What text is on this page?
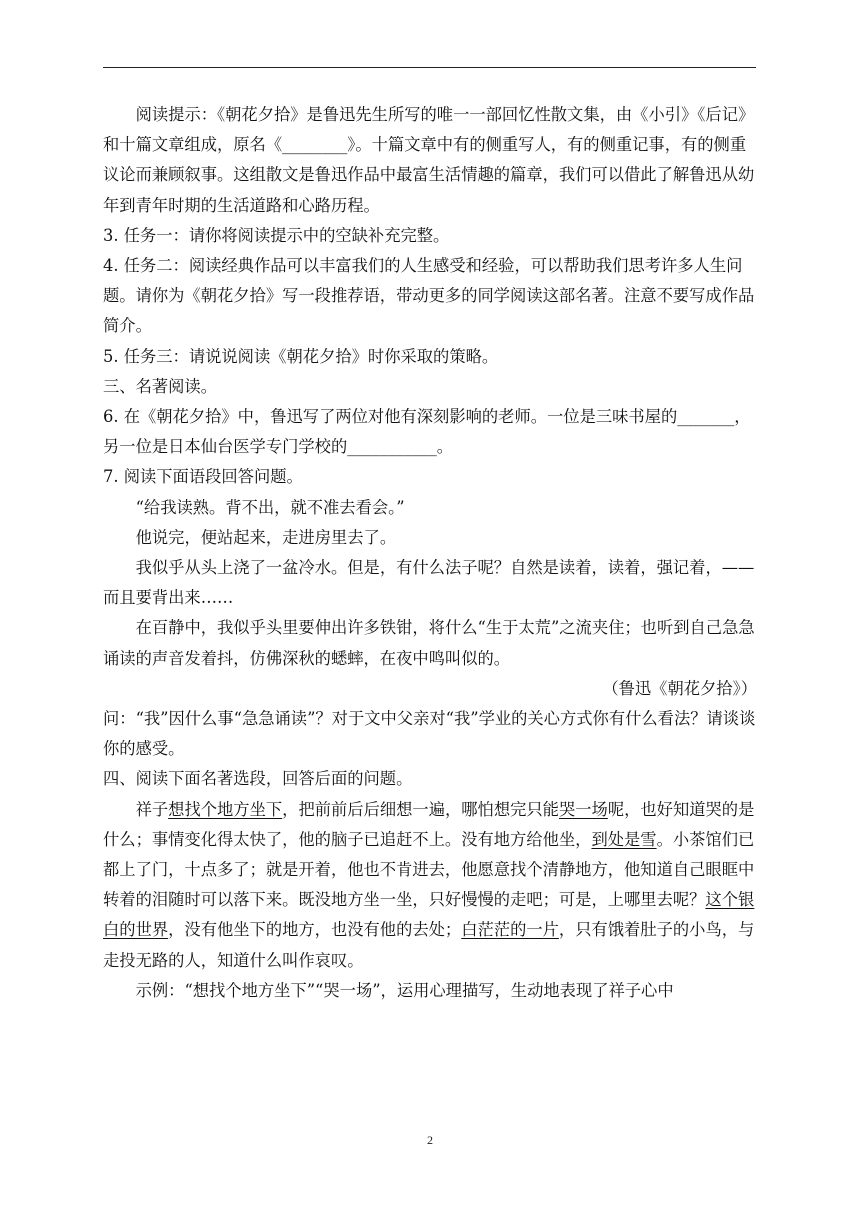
阅读提示：《朝花夕拾》是鲁迅先生所写的唯一一部回忆性散文集，由《小引》《后记》和十篇文章组成，原名《________》。十篇文章中有的侧重写人，有的侧重记事，有的侧重议论而兼顾叙事。这组散文是鲁迅作品中最富生活情趣的篇章，我们可以借此了解鲁迅从幼年到青年时期的生活道路和心路历程。

3. 任务一：请你将阅读提示中的空缺补充完整。

4. 任务二：阅读经典作品可以丰富我们的人生感受和经验，可以帮助我们思考许多人生问题。请你为《朝花夕拾》写一段推荐语，带动更多的同学阅读这部名著。注意不要写成作品简介。

5. 任务三：请说说阅读《朝花夕拾》时你采取的策略。

三、名著阅读。

6. 在《朝花夕拾》中，鲁迅写了两位对他有深刻影响的老师。一位是三味书屋的_______，另一位是日本仙台医学专门学校的___________。

7. 阅读下面语段回答问题。

“给我读熟。背不出，就不准去看会。”

他说完，便站起来，走进房里去了。

我似乎从头上浇了一盆冷水。但是，有什么法子呢？自然是读着，读着，强记着，——而且要背出来……

在百静中，我似乎头里要伸出许多铁钳，将什么“生于太荒”之流夹住；也听到自己急急诵读的声音发着抖，仿佛深秋的蟋蟀，在夜中鸣叫似的。

（鲁迅《朝花夕拾》）

问：“我”因什么事“急急诵读”？对于文中父亲对“我”学业的关心方式你有什么看法？请谈谈你的感受。

四、阅读下面名著选段，回答后面的问题。

祥子想找个地方坐下，把前前后后细想一遍，哪怕想完只能哭一场呢，也好知道哭的是什么；事情变化得太快了，他的脑子已追赶不上。没有地方给他坐，到处是雪。小茶馆们已都上了门，十点多了；就是开着，他也不肯进去，他愿意找个清静地方，他知道自己眼眶中转着的泪随时可以落下来。既没地方坐一坐，只好慢慢的走吧；可是，上哪里去呢？这个银白的世界，没有他坐下的地方，也没有他的去处；白茫茫的一片，只有饿着肚子的小鸟，与走投无路的人，知道什么叫作哀叹。

示例：“想找个地方坐下”“哭一场”，运用心理描写，生动地表现了祥子心中

2
